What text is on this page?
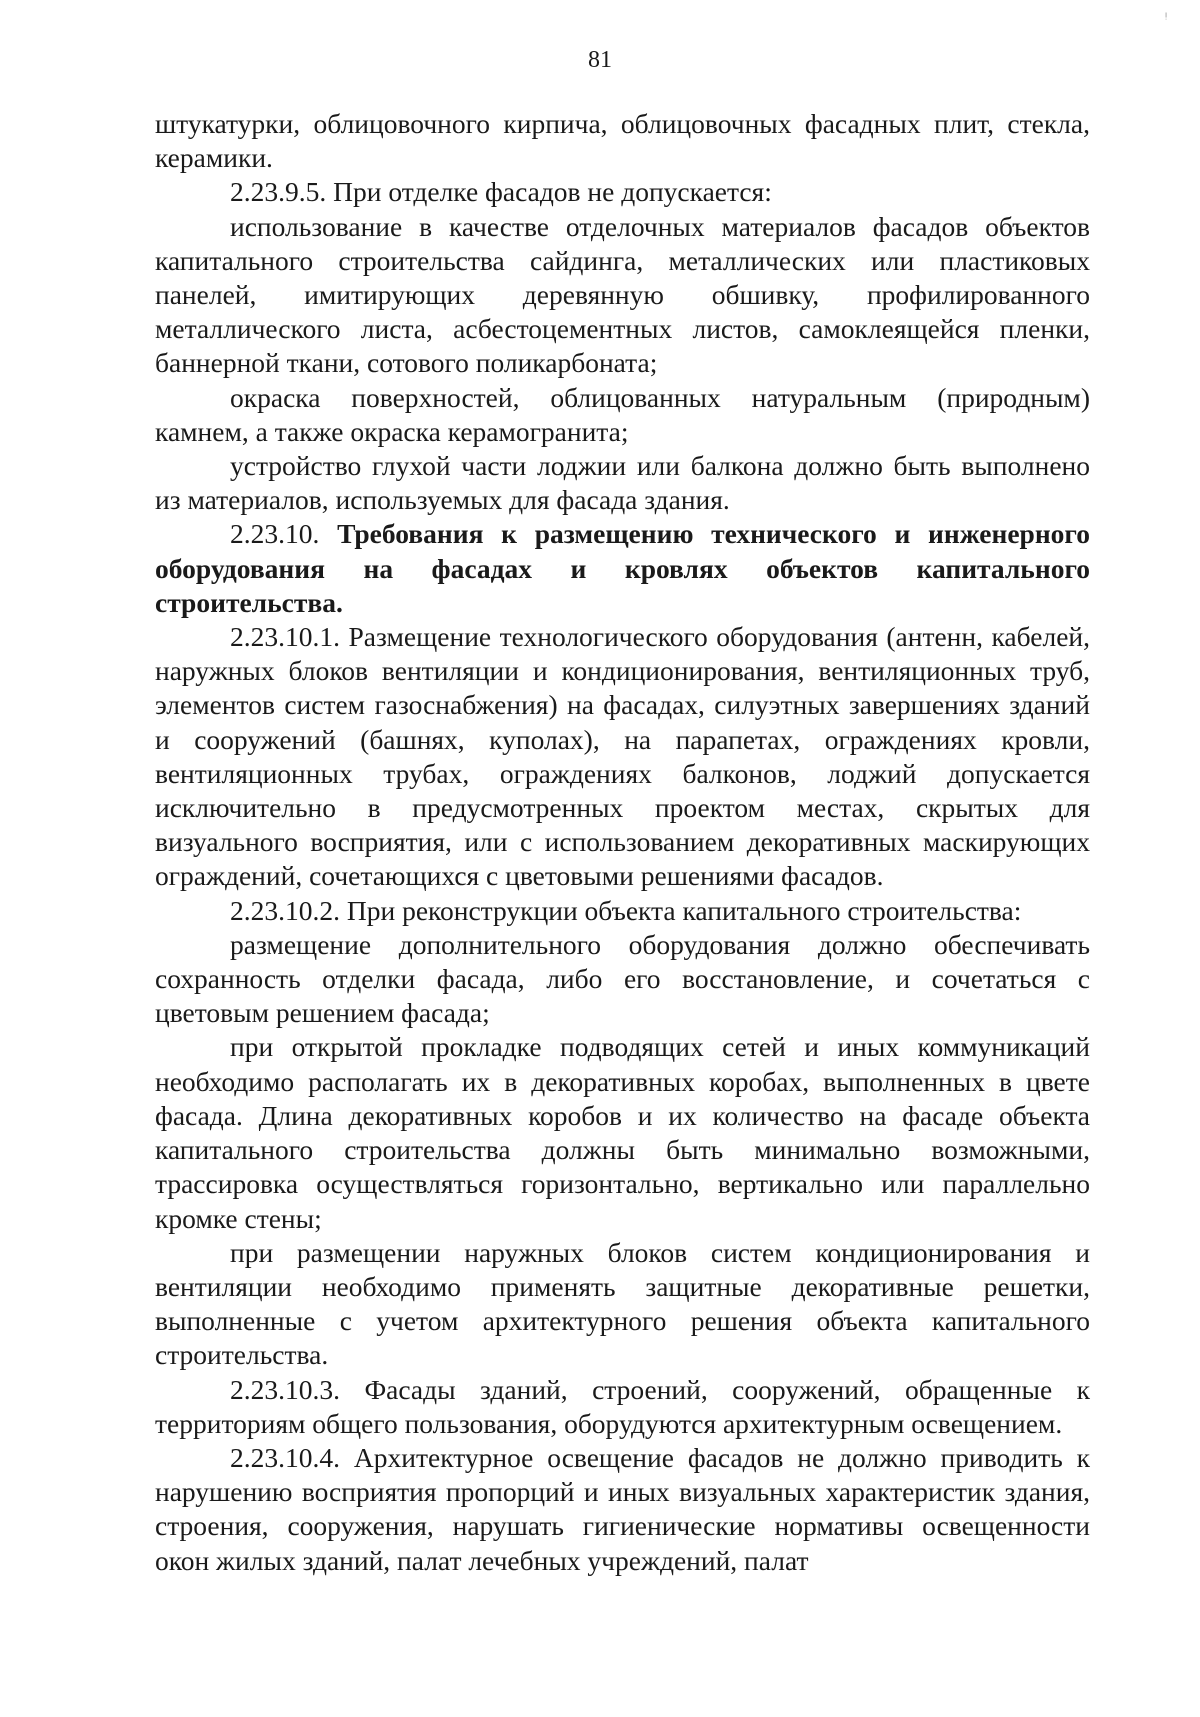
ᵎ
81

штукатурки, облицовочного кирпича, облицовочных фасадных плит, стекла, керамики.

2.23.9.5. При отделке фасадов не допускается:

использование в качестве отделочных материалов фасадов объектов капитального строительства сайдинга, металлических или пластиковых панелей, имитирующих деревянную обшивку, профилированного металлического листа, асбестоцементных листов, самоклеящейся пленки, баннерной ткани, сотового поликарбоната;

окраска поверхностей, облицованных натуральным (природным) камнем, а также окраска керамогранита;

устройство глухой части лоджии или балкона должно быть выполнено из материалов, используемых для фасада здания.

2.23.10. Требования к размещению технического и инженерного оборудования на фасадах и кровлях объектов капитального строительства.

2.23.10.1. Размещение технологического оборудования (антенн, кабелей, наружных блоков вентиляции и кондиционирования, вентиляционных труб, элементов систем газоснабжения) на фасадах, силуэтных завершениях зданий и сооружений (башнях, куполах), на парапетах, ограждениях кровли, вентиляционных трубах, ограждениях балконов, лоджий допускается исключительно в предусмотренных проектом местах, скрытых для визуального восприятия, или с использованием декоративных маскирующих ограждений, сочетающихся с цветовыми решениями фасадов.

2.23.10.2. При реконструкции объекта капитального строительства:

размещение дополнительного оборудования должно обеспечивать сохранность отделки фасада, либо его восстановление, и сочетаться с цветовым решением фасада;

при открытой прокладке подводящих сетей и иных коммуникаций необходимо располагать их в декоративных коробах, выполненных в цвете фасада. Длина декоративных коробов и их количество на фасаде объекта капитального строительства должны быть минимально возможными, трассировка осуществляться горизонтально, вертикально или параллельно кромке стены;

при размещении наружных блоков систем кондиционирования и вентиляции необходимо применять защитные декоративные решетки, выполненные с учетом архитектурного решения объекта капитального строительства.

2.23.10.3. Фасады зданий, строений, сооружений, обращенные к территориям общего пользования, оборудуются архитектурным освещением.

2.23.10.4. Архитектурное освещение фасадов не должно приводить к нарушению восприятия пропорций и иных визуальных характеристик здания, строения, сооружения, нарушать гигиенические нормативы освещенности окон жилых зданий, палат лечебных учреждений, палат
